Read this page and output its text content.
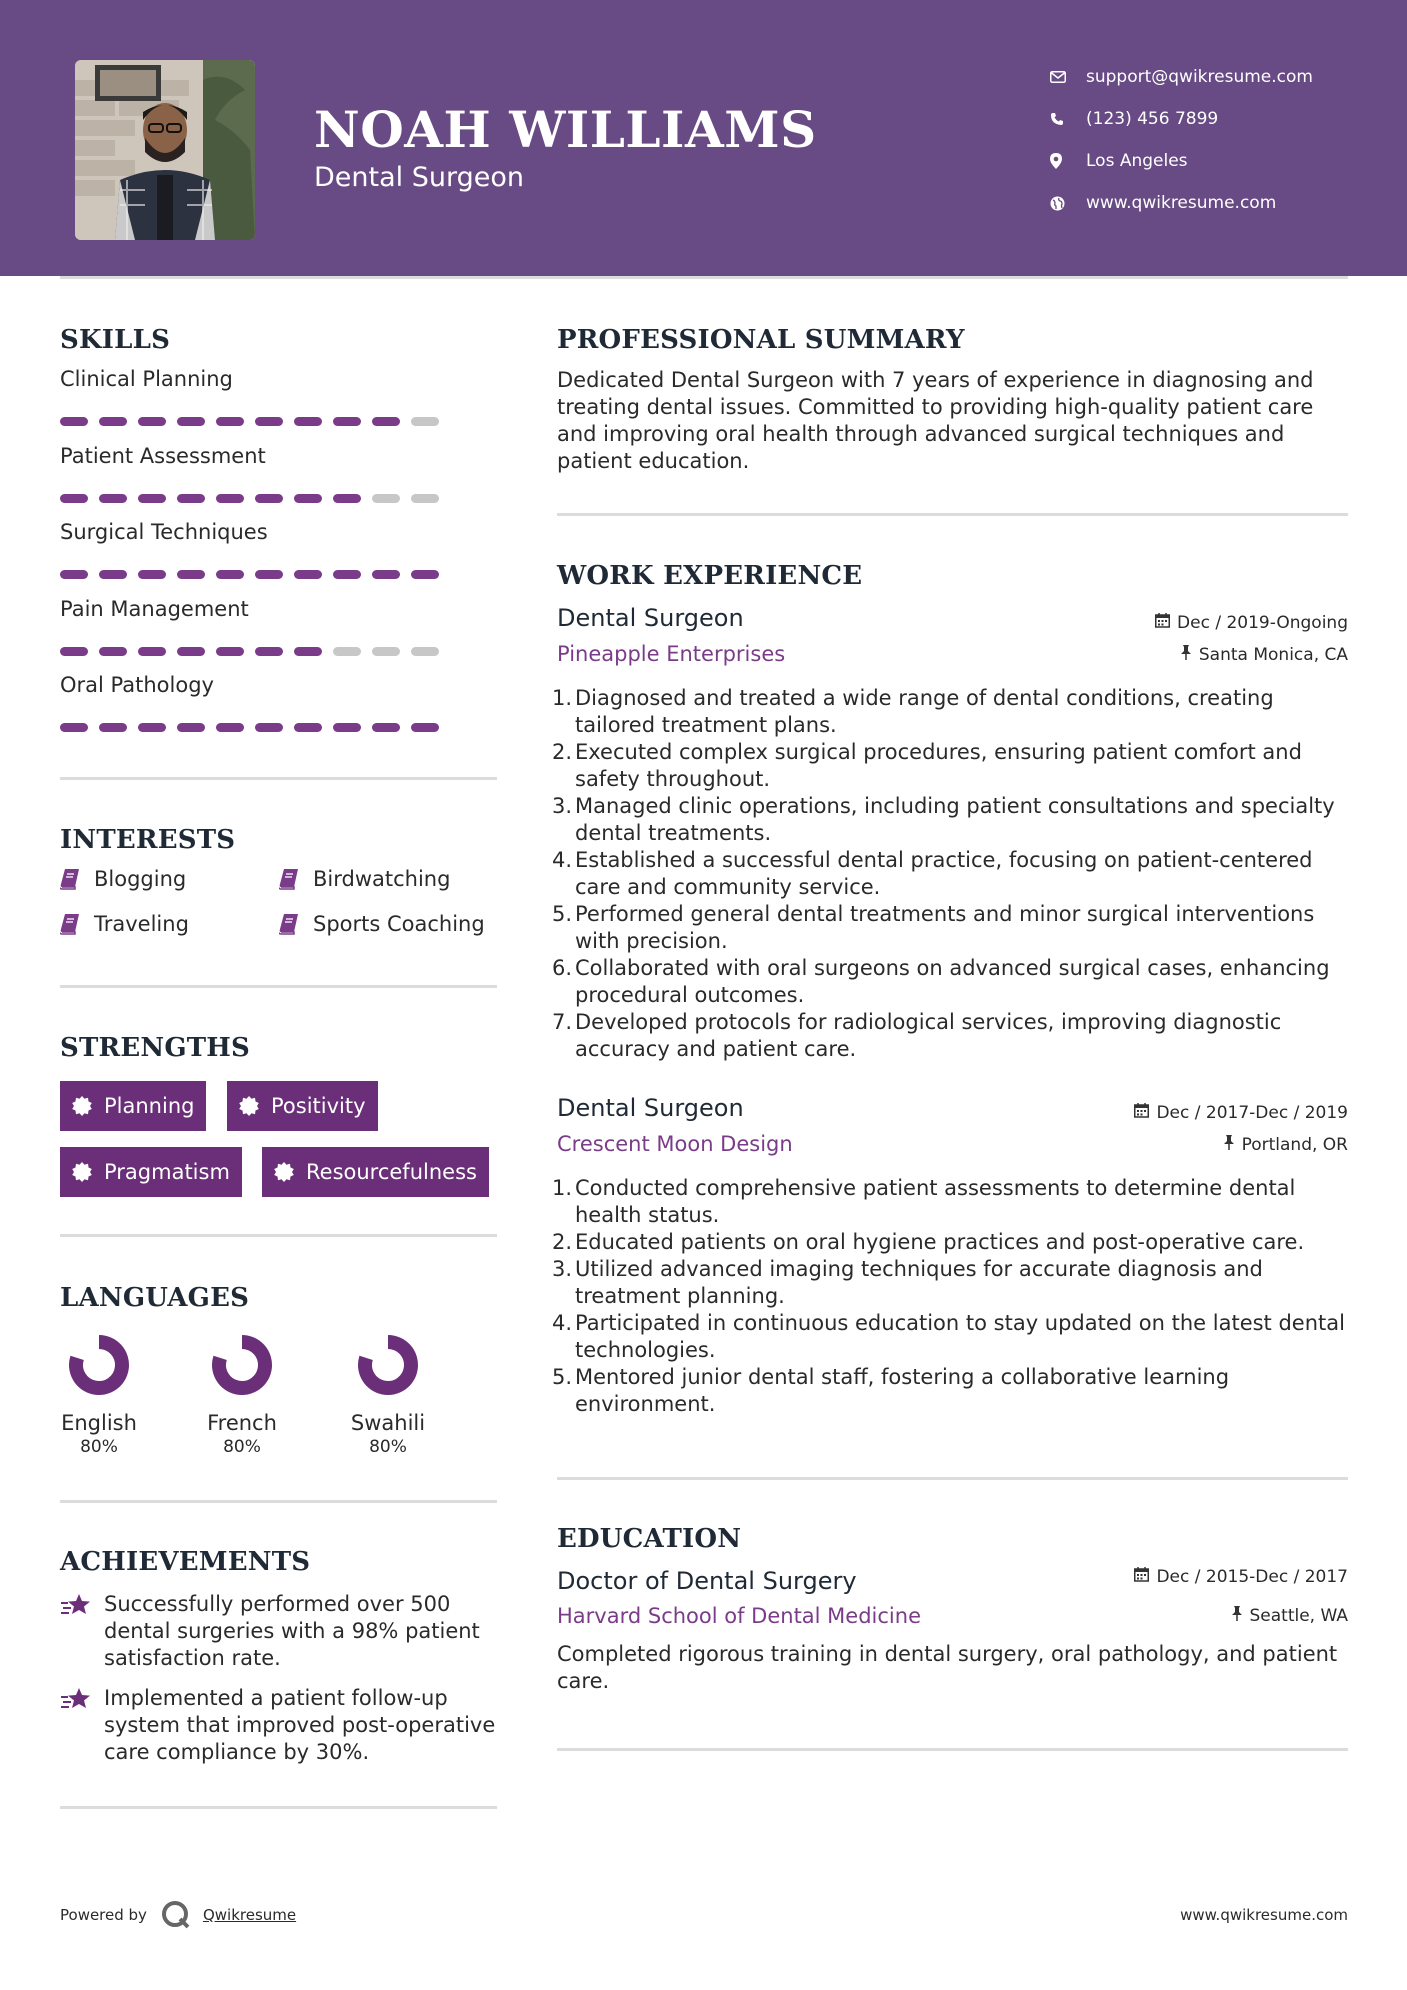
NOAH WILLIAMS
Dental Surgeon
support@qwikresume.com
(123) 456 7899
Los Angeles
www.qwikresume.com
SKILLS
Clinical Planning
Patient Assessment
Surgical Techniques
Pain Management
Oral Pathology
INTERESTS
Blogging	Birdwatching
Traveling	Sports Coaching
STRENGTHS
Planning	Positivity
Pragmatism	Resourcefulness
LANGUAGES
English
80%
French
80%
Swahili
80%
ACHIEVEMENTS
Successfully performed over 500 dental surgeries with a 98% patient satisfaction rate.
Implemented a patient follow-up system that improved post-operative care compliance by 30%.
PROFESSIONAL SUMMARY
Dedicated Dental Surgeon with 7 years of experience in diagnosing and treating dental issues. Committed to providing high-quality patient care and improving oral health through advanced surgical techniques and patient education.
WORK EXPERIENCE
Dental Surgeon	Dec / 2019-Ongoing
Pineapple Enterprises	Santa Monica, CA
1. Diagnosed and treated a wide range of dental conditions, creating tailored treatment plans.
2. Executed complex surgical procedures, ensuring patient comfort and safety throughout.
3. Managed clinic operations, including patient consultations and specialty dental treatments.
4. Established a successful dental practice, focusing on patient-centered care and community service.
5. Performed general dental treatments and minor surgical interventions with precision.
6. Collaborated with oral surgeons on advanced surgical cases, enhancing procedural outcomes.
7. Developed protocols for radiological services, improving diagnostic accuracy and patient care.
Dental Surgeon	Dec / 2017-Dec / 2019
Crescent Moon Design	Portland, OR
1. Conducted comprehensive patient assessments to determine dental health status.
2. Educated patients on oral hygiene practices and post-operative care.
3. Utilized advanced imaging techniques for accurate diagnosis and treatment planning.
4. Participated in continuous education to stay updated on the latest dental technologies.
5. Mentored junior dental staff, fostering a collaborative learning environment.
EDUCATION
Doctor of Dental Surgery	Dec / 2015-Dec / 2017
Harvard School of Dental Medicine	Seattle, WA
Completed rigorous training in dental surgery, oral pathology, and patient care.
Powered by	Qwikresume	www.qwikresume.com
